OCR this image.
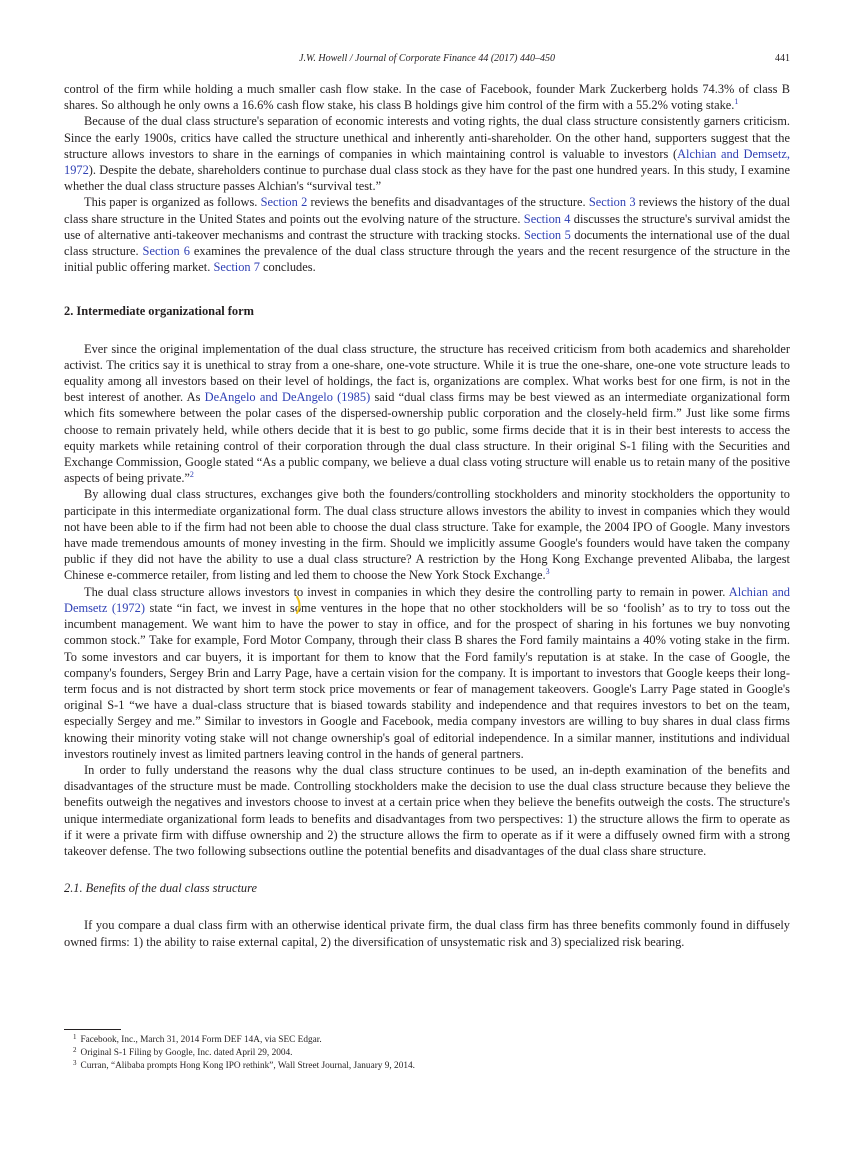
J.W. Howell / Journal of Corporate Finance 44 (2017) 440–450	441

control of the firm while holding a much smaller cash flow stake. In the case of Facebook, founder Mark Zuckerberg holds 74.3% of class B shares. So although he only owns a 16.6% cash flow stake, his class B holdings give him control of the firm with a 55.2% voting stake.$^1$

Because of the dual class structure's separation of economic interests and voting rights, the dual class structure consistently garners criticism. Since the early 1900s, critics have called the structure unethical and inherently anti-shareholder. On the other hand, supporters suggest that the structure allows investors to share in the earnings of companies in which maintaining control is valuable to investors (Alchian and Demsetz, 1972). Despite the debate, shareholders continue to purchase dual class stock as they have for the past one hundred years. In this study, I examine whether the dual class structure passes Alchian's “survival test.”

This paper is organized as follows. Section 2 reviews the benefits and disadvantages of the structure. Section 3 reviews the history of the dual class share structure in the United States and points out the evolving nature of the structure. Section 4 discusses the structure's survival amidst the use of alternative anti-takeover mechanisms and contrast the structure with tracking stocks. Section 5 documents the international use of the dual class structure. Section 6 examines the prevalence of the dual class structure through the years and the recent resurgence of the structure in the initial public offering market. Section 7 concludes.

2. Intermediate organizational form

Ever since the original implementation of the dual class structure, the structure has received criticism from both academics and shareholder activist. The critics say it is unethical to stray from a one-share, one-vote structure. While it is true the one-share, one-one vote structure leads to equality among all investors based on their level of holdings, the fact is, organizations are complex. What works best for one firm, is not in the best interest of another. As DeAngelo and DeAngelo (1985) said “dual class firms may be best viewed as an intermediate organizational form which fits somewhere between the polar cases of the dispersed-ownership public corporation and the closely-held firm.” Just like some firms choose to remain privately held, while others decide that it is best to go public, some firms decide that it is in their best interests to access the equity markets while retaining control of their corporation through the dual class structure. In their original S-1 filing with the Securities and Exchange Commission, Google stated “As a public company, we believe a dual class voting structure will enable us to retain many of the positive aspects of being private.”$^2$

By allowing dual class structures, exchanges give both the founders/controlling stockholders and minority stockholders the opportunity to participate in this intermediate organizational form. The dual class structure allows investors the ability to invest in companies which they would not have been able to if the firm had not been able to choose the dual class structure. Take for example, the 2004 IPO of Google. Many investors have made tremendous amounts of money investing in the firm. Should we implicitly assume Google's founders would have taken the company public if they did not have the ability to use a dual class structure? A restriction by the Hong Kong Exchange prevented Alibaba, the largest Chinese e-commerce retailer, from listing and led them to choose the New York Stock Exchange.$^3$

The dual class structure allows investors to invest in companies in which they desire the controlling party to remain in power. Alchian and Demsetz (1972) state “in fact, we invest in some ventures in the hope that no other stockholders will be so ‘foolish’ as to try to toss out the incumbent management. We want him to have the power to stay in office, and for the prospect of sharing in his fortunes we buy nonvoting common stock.” Take for example, Ford Motor Company, through their class B shares the Ford family maintains a 40% voting stake in the firm. To some investors and car buyers, it is important for them to know that the Ford family's reputation is at stake. In the case of Google, the company's founders, Sergey Brin and Larry Page, have a certain vision for the company. It is important to investors that Google keeps their long-term focus and is not distracted by short term stock price movements or fear of management takeovers. Google's Larry Page stated in Google's original S-1 “we have a dual-class structure that is biased towards stability and independence and that requires investors to bet on the team, especially Sergey and me.” Similar to investors in Google and Facebook, media company investors are willing to buy shares in dual class firms knowing their minority voting stake will not change ownership's goal of editorial independence. In a similar manner, institutions and individual investors routinely invest as limited partners leaving control in the hands of general partners.

In order to fully understand the reasons why the dual class structure continues to be used, an in-depth examination of the benefits and disadvantages of the structure must be made. Controlling stockholders make the decision to use the dual class structure because they believe the benefits outweigh the negatives and investors choose to invest at a certain price when they believe the benefits outweigh the costs. The structure's unique intermediate organizational form leads to benefits and disadvantages from two perspectives: 1) the structure allows the firm to operate as if it were a private firm with diffuse ownership and 2) the structure allows the firm to operate as if it were a diffusely owned firm with a strong takeover defense. The two following subsections outline the potential benefits and disadvantages of the dual class share structure.

2.1. Benefits of the dual class structure

If you compare a dual class firm with an otherwise identical private firm, the dual class firm has three benefits commonly found in diffusely owned firms: 1) the ability to raise external capital, 2) the diversification of unsystematic risk and 3) specialized risk bearing.

$^1$ Facebook, Inc., March 31, 2014 Form DEF 14A, via SEC Edgar.
$^2$ Original S-1 Filing by Google, Inc. dated April 29, 2004.
$^3$ Curran, “Alibaba prompts Hong Kong IPO rethink”, Wall Street Journal, January 9, 2014.
